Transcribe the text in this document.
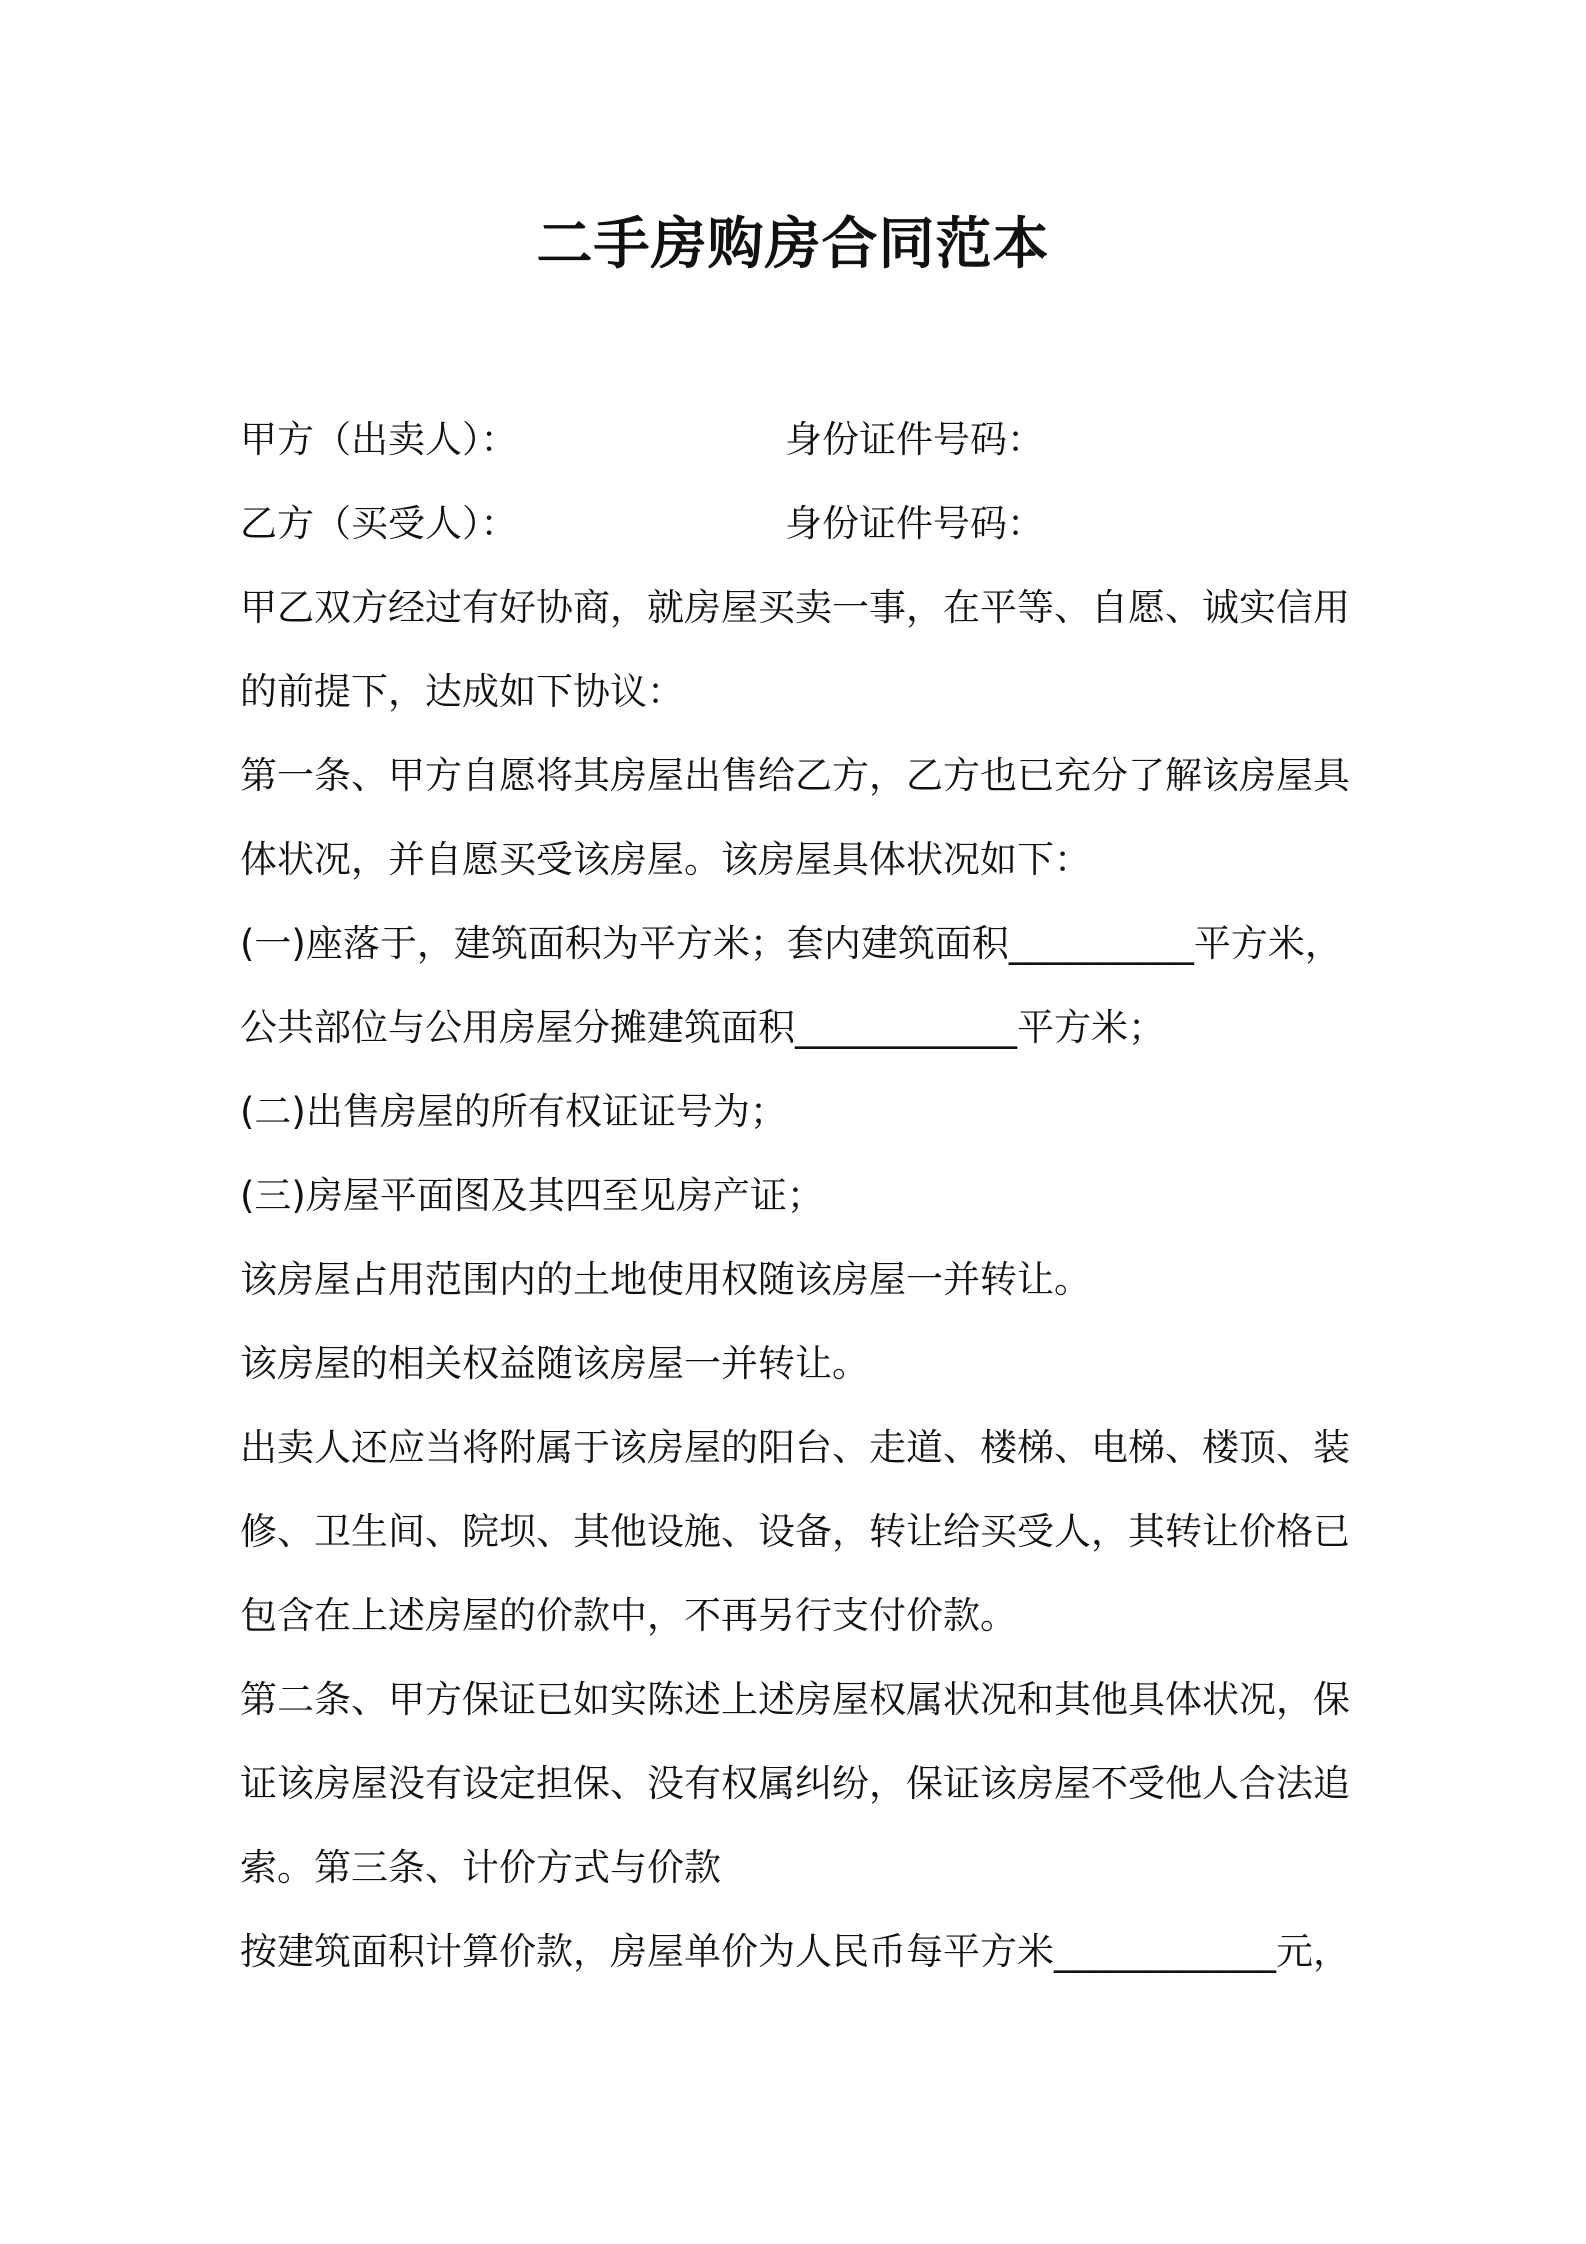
二手房购房合同范本
甲方（出卖人）：	身份证件号码：
乙方（买受人）：	身份证件号码：
甲乙双方经过有好协商，就房屋买卖一事，在平等、自愿、诚实信用
的前提下，达成如下协议：
第一条、甲方自愿将其房屋出售给乙方，乙方也已充分了解该房屋具
体状况，并自愿买受该房屋。该房屋具体状况如下：
(一)座落于，建筑面积为平方米；套内建筑面积__________平方米，
公共部位与公用房屋分摊建筑面积____________平方米；
(二)出售房屋的所有权证证号为；
(三)房屋平面图及其四至见房产证；
该房屋占用范围内的土地使用权随该房屋一并转让。
该房屋的相关权益随该房屋一并转让。
出卖人还应当将附属于该房屋的阳台、走道、楼梯、电梯、楼顶、装
修、卫生间、院坝、其他设施、设备，转让给买受人，其转让价格已
包含在上述房屋的价款中，不再另行支付价款。
第二条、甲方保证已如实陈述上述房屋权属状况和其他具体状况，保
证该房屋没有设定担保、没有权属纠纷，保证该房屋不受他人合法追
索。第三条、计价方式与价款
按建筑面积计算价款，房屋单价为人民币每平方米____________元，
